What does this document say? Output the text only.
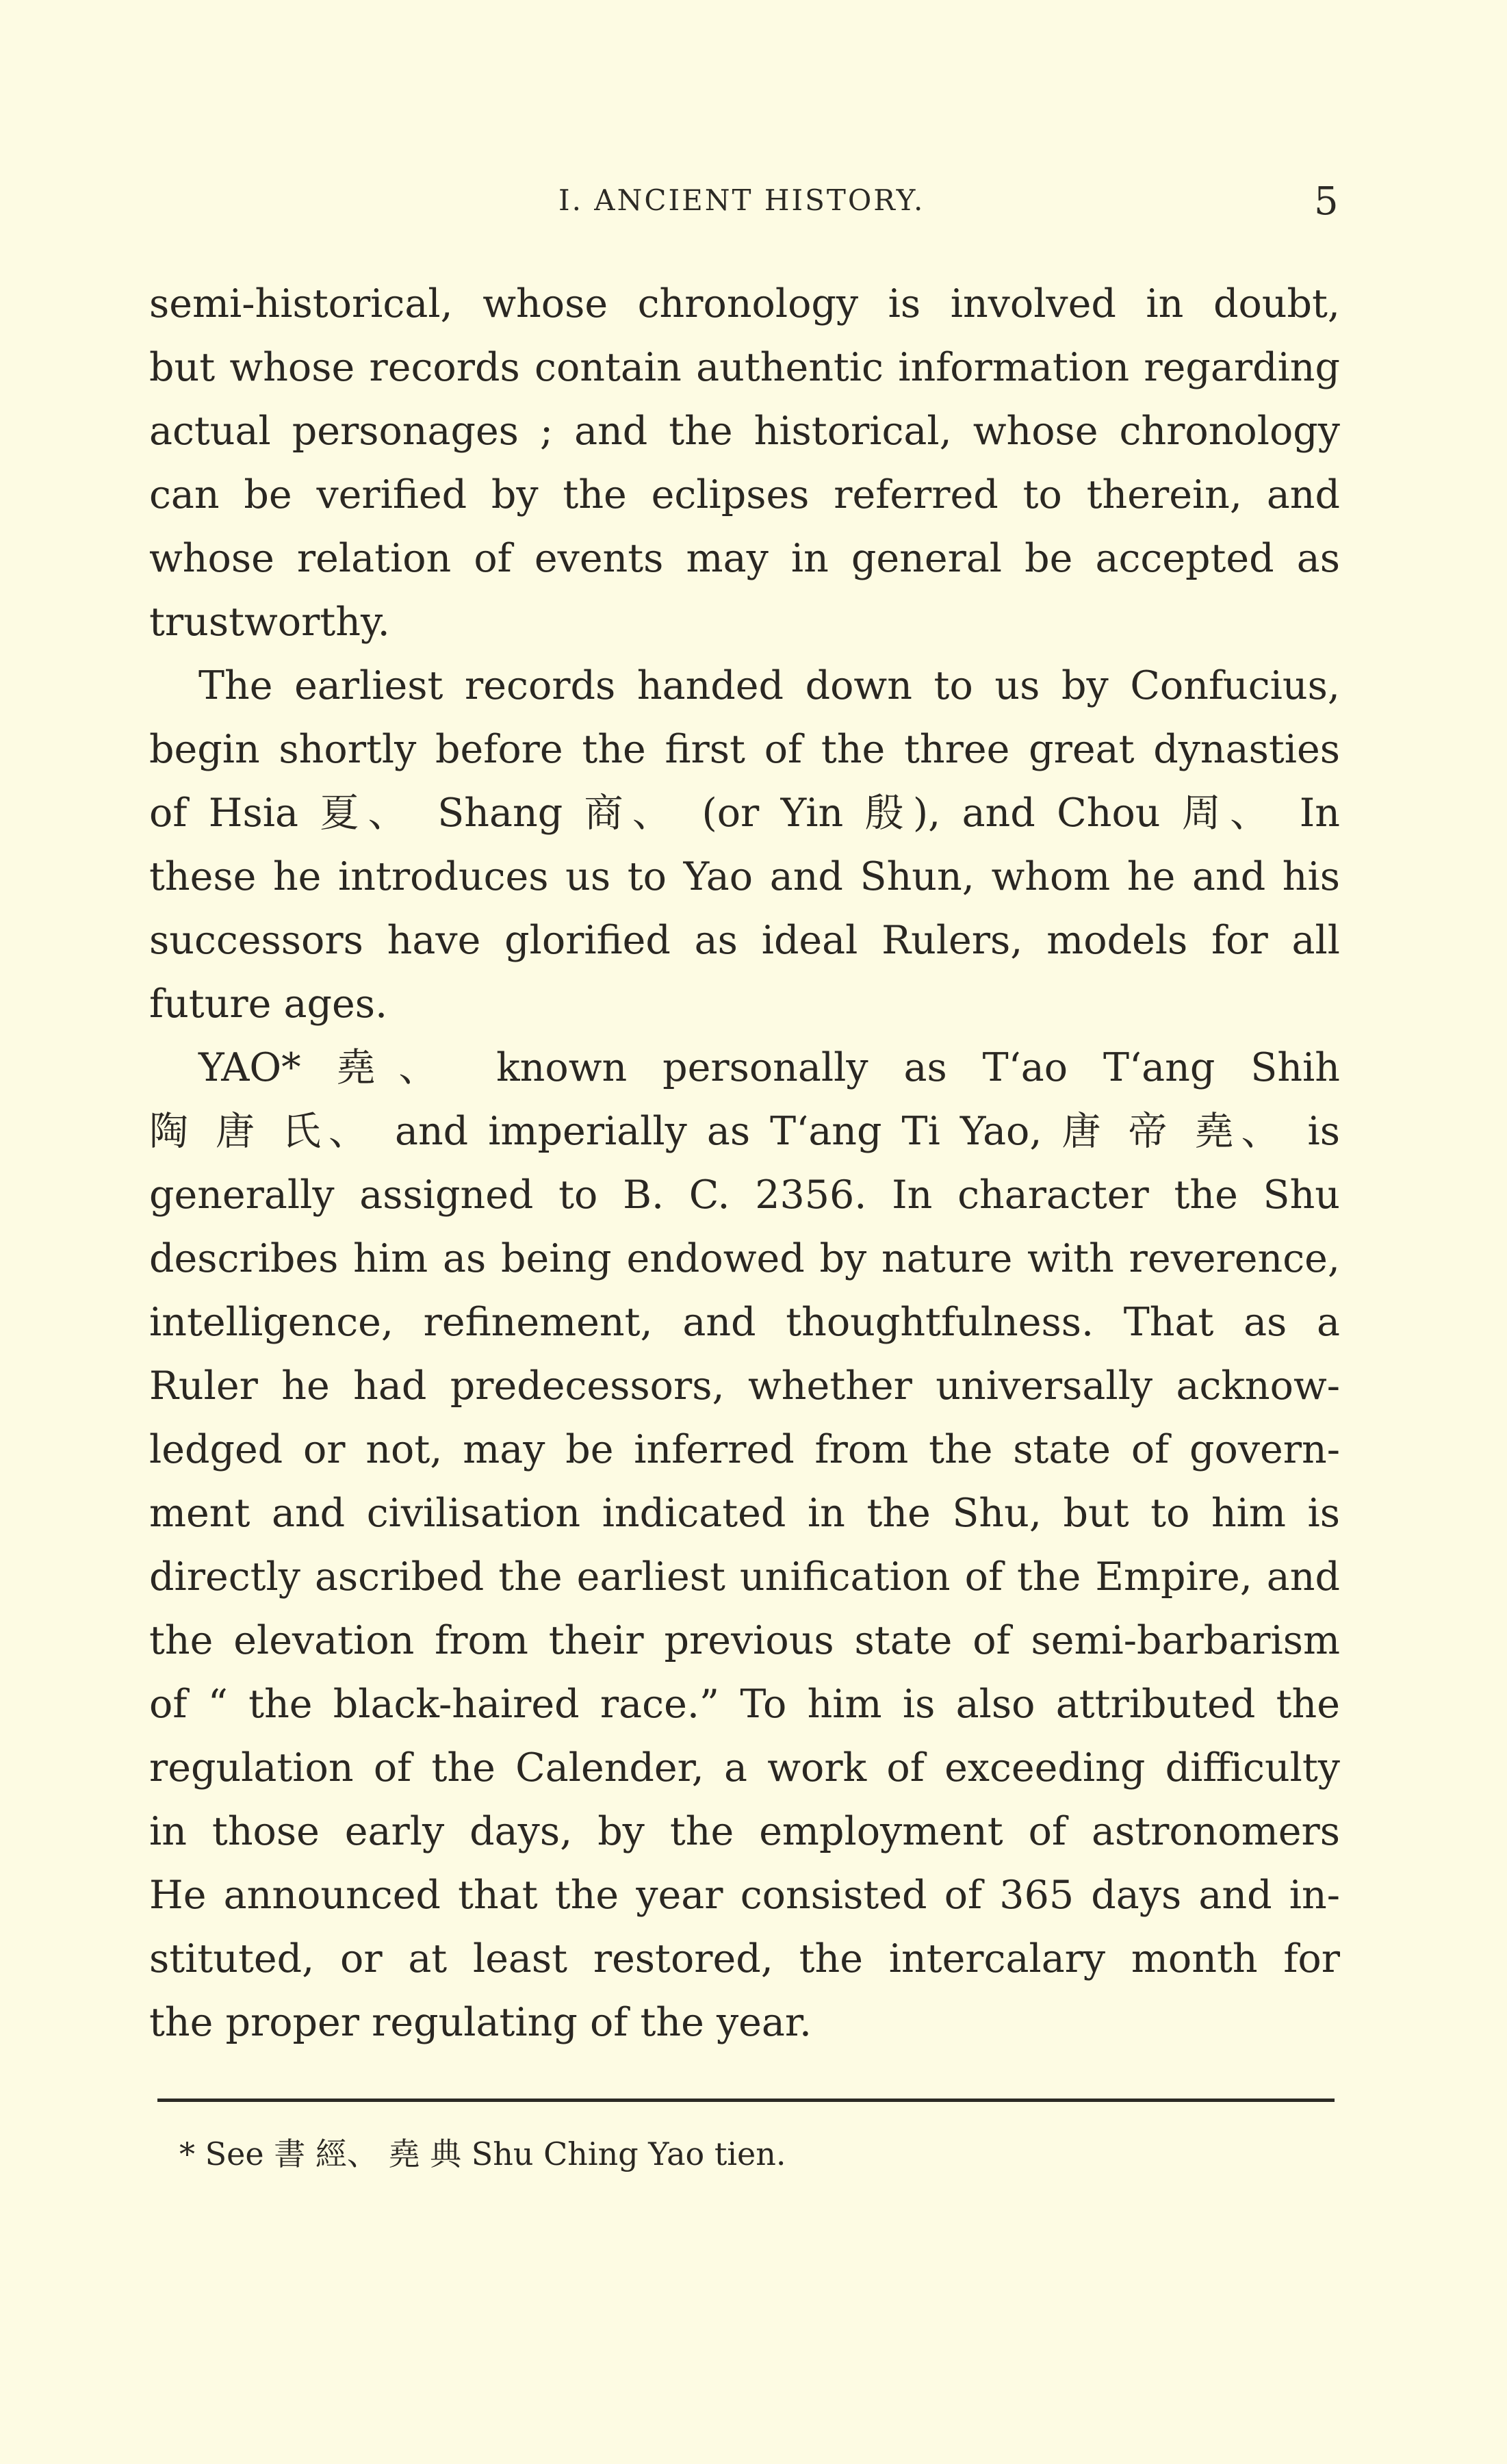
I. ANCIENT HISTORY.	5
semi-historical, whose chronology is involved in doubt,
but whose records contain authentic information regarding
actual personages ; and the historical, whose chronology
can be verified by the eclipses referred to therein, and
whose relation of events may in general be accepted as
trustworthy.
The earliest records handed down to us by Confucius,
begin shortly before the first of the three great dynasties
of Hsia 夏、 Shang 商、 (or Yin 殷), and Chou 周、 In
these he introduces us to Yao and Shun, whom he and his
successors have glorified as ideal Rulers, models for all
future ages.
YAO* 堯、 known personally as T‘ao T‘ang Shih
陶 唐 氏、 and imperially as T‘ang Ti Yao, 唐 帝 堯、 is
generally assigned to B. C. 2356. In character the Shu
describes him as being endowed by nature with reverence,
intelligence, refinement, and thoughtfulness. That as a
Ruler he had predecessors, whether universally acknow-
ledged or not, may be inferred from the state of govern-
ment and civilisation indicated in the Shu, but to him is
directly ascribed the earliest unification of the Empire, and
the elevation from their previous state of semi-barbarism
of “ the black-haired race.” To him is also attributed the
regulation of the Calender, a work of exceeding difficulty
in those early days, by the employment of astronomers
He announced that the year consisted of 365 days and in-
stituted, or at least restored, the intercalary month for
the proper regulating of the year.
* See 書 經、 堯 典 Shu Ching Yao tien.
